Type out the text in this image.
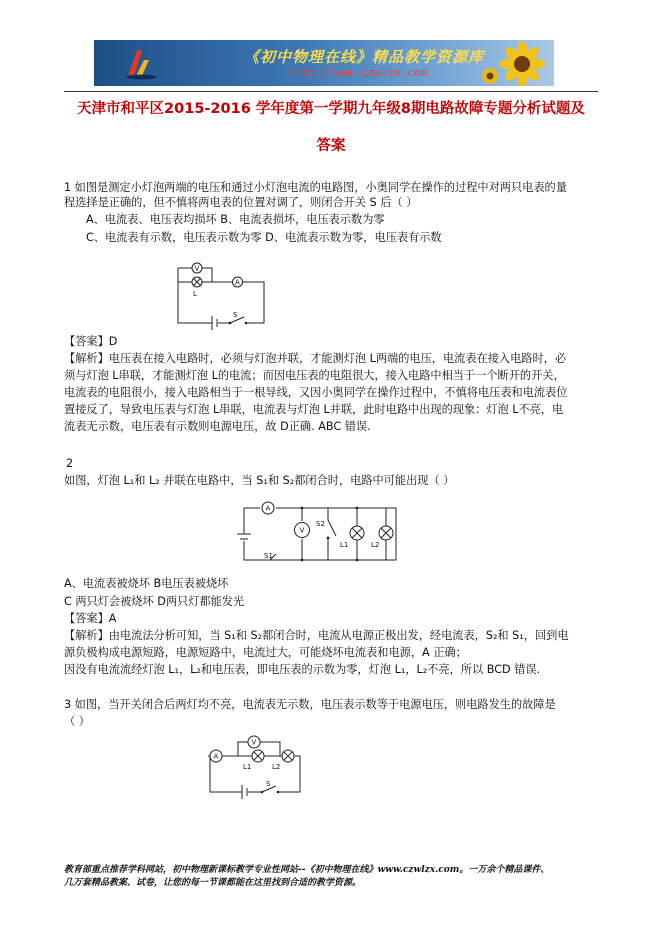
《初中物理在线》精品教学资源库
http://www.czwlzx.com
天津市和平区2015-2016 学年度第一学期九年级8期电路故障专题分析试题及
答案
1 如图是测定小灯泡两端的电压和通过小灯泡电流的电路图，小奥同学在操作的过程中对两只电表的量
程选择是正确的，但不慎将两电表的位置对调了，则闭合开关 S 后（ ）
A、电流表、电压表均损坏 B、电流表损坏，电压表示数为零
C、电流表有示数，电压表示数为零 D、电流表示数为零，电压表有示数
V
A
L
S
【答案】D
【解析】电压表在接入电路时，必须与灯泡并联，才能测灯泡 L两端的电压，电流表在接入电路时，必
须与灯泡 L串联，才能测灯泡 L的电流；而因电压表的电阻很大，接入电路中相当于一个断开的开关，
电流表的电阻很小，接入电路相当于一根导线，又因小奥同学在操作过程中，不慎将电压表和电流表位
置接反了，导致电压表与灯泡 L串联，电流表与灯泡 L并联，此时电路中出现的现象：灯泡 L不亮，电
流表无示数，电压表有示数则电源电压，故 D正确. ABC 错误.
2
如图，灯泡 L₁和 L₂ 并联在电路中，当 S₁和 S₂都闭合时，电路中可能出现（ ）
A
V
S2
S1
L1	L2
A、电流表被烧坏 B电压表被烧坏
C 两只灯会被烧坏 D两只灯都能发光
【答案】A
【解析】由电流法分析可知，当 S₁和 S₂都闭合时，电流从电源正极出发，经电流表，S₂和 S₁，回到电
源负极构成电源短路，电源短路中，电流过大，可能烧坏电流表和电源，A 正确；
因没有电流流经灯泡 L₁，L₂和电压表，即电压表的示数为零，灯泡 L₁，L₂不亮，所以 BCD 错误.
3 如图，当开关闭合后两灯均不亮，电流表无示数，电压表示数等于电源电压，则电路发生的故障是
（ ）
A
V
L1	L2
S
教育部重点推荐学科网站，初中物理新课标教学专业性网站--《初中物理在线》www.czwlzx.com。一万余个精品课件、
几万套精品教案、试卷，让您的每一节课都能在这里找到合适的教学资源。
